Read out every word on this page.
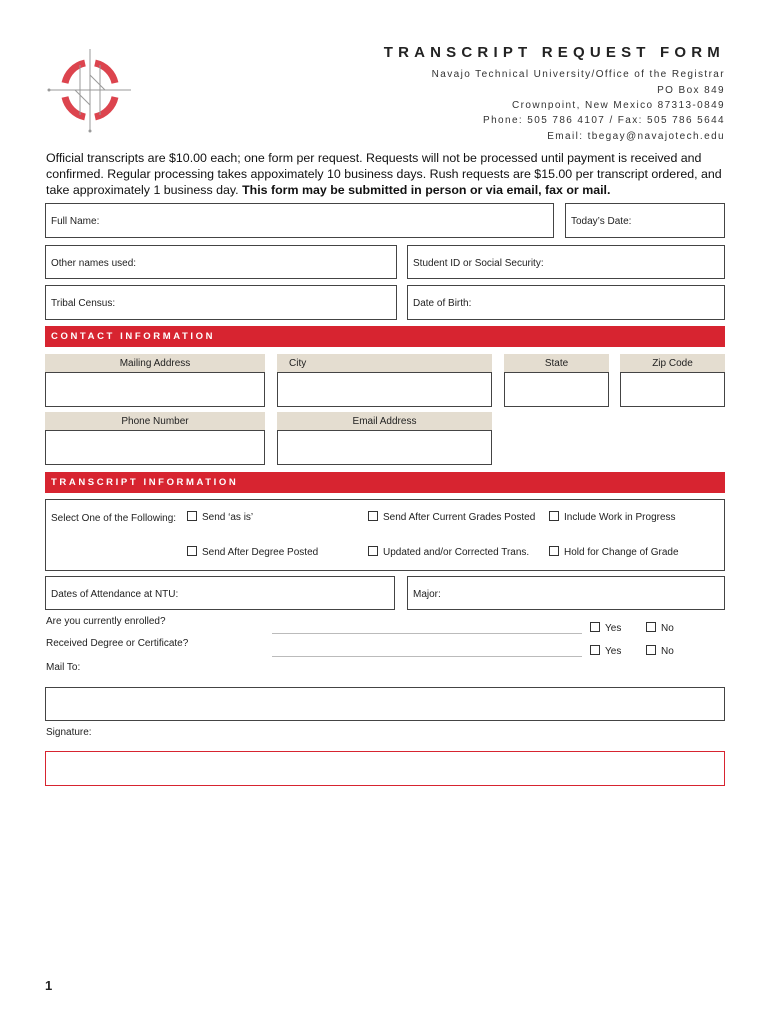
TRANSCRIPT REQUEST FORM
Navajo Technical University/Office of the Registrar
PO Box 849
Crownpoint, New Mexico 87313-0849
Phone: 505 786 4107 / Fax: 505 786 5644
Email: tbegay@navajotech.edu
Official transcripts are $10.00 each; one form per request. Requests will not be processed until payment is received and confirmed. Regular processing takes appoximately 10 business days. Rush requests are $15.00 per transcript ordered, and take approximately 1 business day. This form may be submitted in person or via email, fax or mail.
Full Name:	Today’s Date:
Other names used:	Student ID or Social Security:
Tribal Census:	Date of Birth:
CONTACT INFORMATION
Mailing Address	City	State	Zip Code
Phone Number	Email Address
TRANSCRIPT INFORMATION
Select One of the Following:	Send ‘as is’	Send After Current Grades Posted	Include Work in Progress
Send After Degree Posted	Updated and/or Corrected Trans.	Hold for Change of Grade
Dates of Attendance at NTU:	Major:
Are you currently enrolled?
Yes	No
Received Degree or Certificate?
Yes	No
Mail To:
Signature:
1
